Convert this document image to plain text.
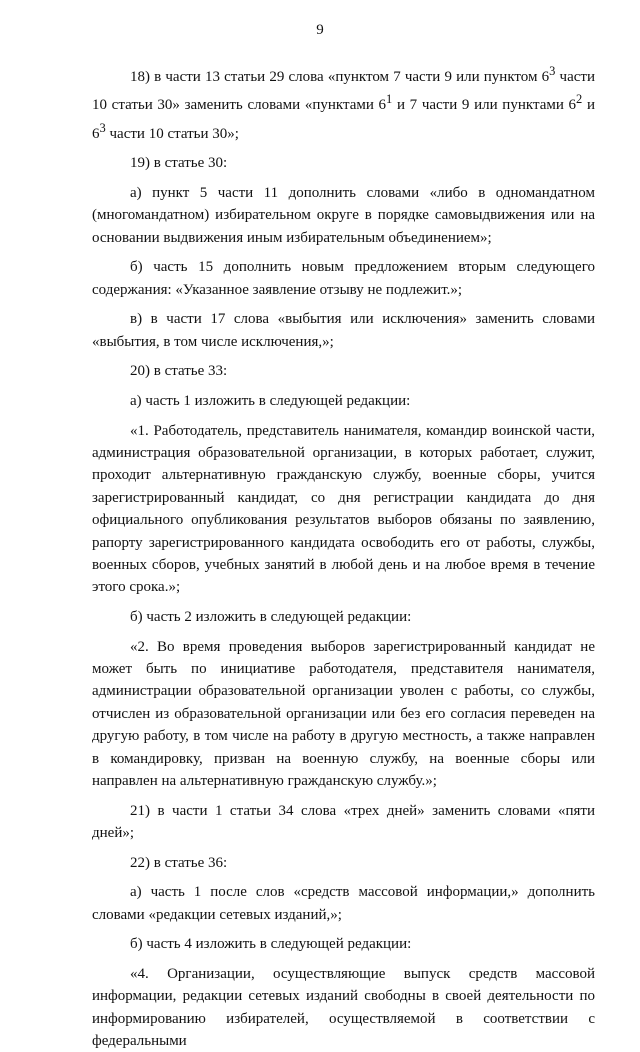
9

18) в части 13 статьи 29 слова «пунктом 7 части 9 или пунктом $6^3$ части 10 статьи 30» заменить словами «пунктами $6^1$ и 7 части 9 или пунктами $6^2$ и $6^3$ части 10 статьи 30»;

19) в статье 30:

а) пункт 5 части 11 дополнить словами «либо в одномандатном (многомандатном) избирательном округе в порядке самовыдвижения или на основании выдвижения иным избирательным объединением»;

б) часть 15 дополнить новым предложением вторым следующего содержания: «Указанное заявление отзыву не подлежит.»;

в) в части 17 слова «выбытия или исключения» заменить словами «выбытия, в том числе исключения,»;

20) в статье 33:

а) часть 1 изложить в следующей редакции:

«1. Работодатель, представитель нанимателя, командир воинской части, администрация образовательной организации, в которых работает, служит, проходит альтернативную гражданскую службу, военные сборы, учится зарегистрированный кандидат, со дня регистрации кандидата до дня официального опубликования результатов выборов обязаны по заявлению, рапорту зарегистрированного кандидата освободить его от работы, службы, военных сборов, учебных занятий в любой день и на любое время в течение этого срока.»;

б) часть 2 изложить в следующей редакции:

«2. Во время проведения выборов зарегистрированный кандидат не может быть по инициативе работодателя, представителя нанимателя, администрации образовательной организации уволен с работы, со службы, отчислен из образовательной организации или без его согласия переведен на другую работу, в том числе на работу в другую местность, а также направлен в командировку, призван на военную службу, на военные сборы или направлен на альтернативную гражданскую службу.»;

21) в части 1 статьи 34 слова «трех дней» заменить словами «пяти дней»;

22) в статье 36:

а) часть 1 после слов «средств массовой информации,» дополнить словами «редакции сетевых изданий,»;

б) часть 4 изложить в следующей редакции:

«4. Организации, осуществляющие выпуск средств массовой информации, редакции сетевых изданий свободны в своей деятельности по информированию избирателей, осуществляемой в соответствии с федеральными
